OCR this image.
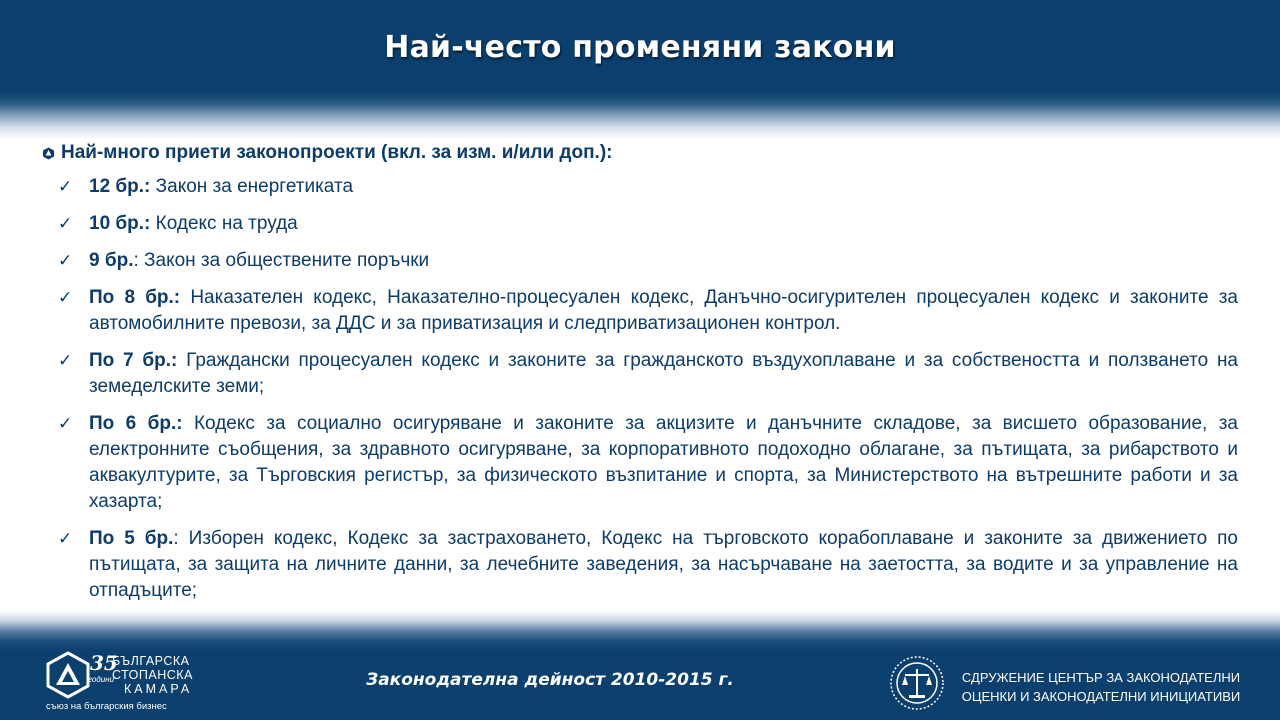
Най-често променяни закони
Най-много приети законопроекти (вкл. за изм. и/или доп.):
✓ 12 бр.: Закон за енергетиката
✓ 10 бр.: Кодекс на труда
✓ 9 бр.: Закон за обществените поръчки
✓ По 8 бр.: Наказателен кодекс, Наказателно-процесуален кодекс, Данъчно-осигурителен процесуален кодекс и законите за автомобилните превози, за ДДС и за приватизация и следприватизационен контрол.
✓ По 7 бр.: Граждански процесуален кодекс и законите за гражданското въздухоплаване и за собствеността и ползването на земеделските земи;
✓ По 6 бр.: Кодекс за социално осигуряване и законите за акцизите и данъчните складове, за висшето образование, за електронните съобщения, за здравното осигуряване, за корпоративното подоходно облагане, за пътищата, за рибарството и аквакултурите, за Търговския регистър, за физическото възпитание и спорта, за Министерството на вътрешните работи и за хазарта;
✓ По 5 бр.: Изборен кодекс, Кодекс за застраховането, Кодекс на търговското корабоплаване и законите за движението по пътищата, за защита на личните данни, за лечебните заведения, за насърчаване на заетостта, за водите и за управление на отпадъците;
35
години
БЪЛГАРСКА
СТОПАНСКА
КАМАРА
съюз на българския бизнес
Законодателна дейност 2010-2015 г.	СДРУЖЕНИЕ ЦЕНТЪР ЗА ЗАКОНОДАТЕЛНИ
ОЦЕНКИ И ЗАКОНОДАТЕЛНИ ИНИЦИАТИВИ
